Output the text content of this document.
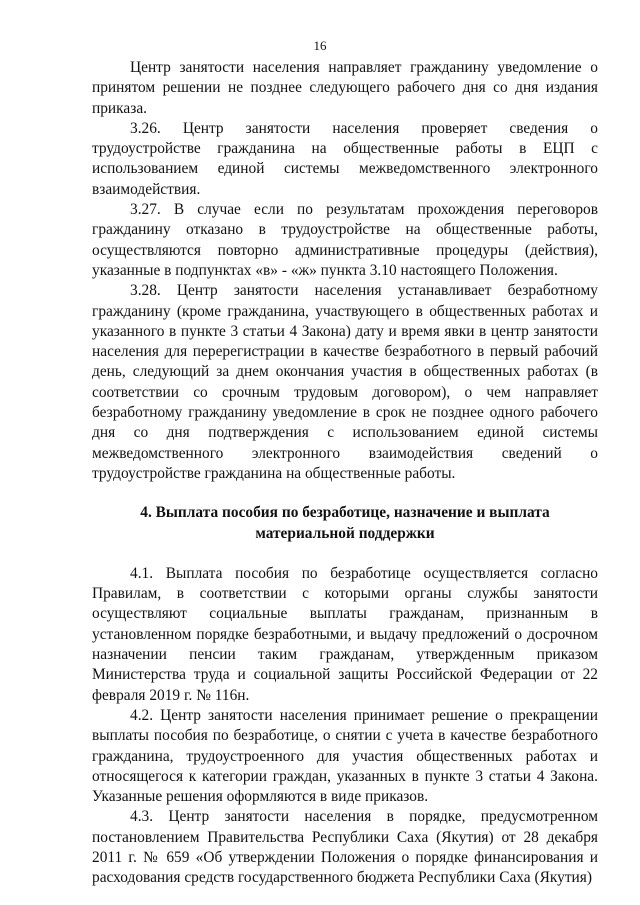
16

Центр занятости населения направляет гражданину уведомление о принятом решении не позднее следующего рабочего дня со дня издания приказа.

3.26. Центр занятости населения проверяет сведения о трудоустройстве гражданина на общественные работы в ЕЦП с использованием единой системы межведомственного электронного взаимодействия.

3.27. В случае если по результатам прохождения переговоров гражданину отказано в трудоустройстве на общественные работы, осуществляются повторно административные процедуры (действия), указанные в подпунктах «в» - «ж» пункта 3.10 настоящего Положения.

3.28. Центр занятости населения устанавливает безработному гражданину (кроме гражданина, участвующего в общественных работах и указанного в пункте 3 статьи 4 Закона) дату и время явки в центр занятости населения для перерегистрации в качестве безработного в первый рабочий день, следующий за днем окончания участия в общественных работах (в соответствии со срочным трудовым договором), о чем направляет безработному гражданину уведомление в срок не позднее одного рабочего дня со дня подтверждения с использованием единой системы межведомственного электронного взаимодействия сведений о трудоустройстве гражданина на общественные работы.

4. Выплата пособия по безработице, назначение и выплата материальной поддержки

4.1. Выплата пособия по безработице осуществляется согласно Правилам, в соответствии с которыми органы службы занятости осуществляют социальные выплаты гражданам, признанным в установленном порядке безработными, и выдачу предложений о досрочном назначении пенсии таким гражданам, утвержденным приказом Министерства труда и социальной защиты Российской Федерации от 22 февраля 2019 г. № 116н.

4.2. Центр занятости населения принимает решение о прекращении выплаты пособия по безработице, о снятии с учета в качестве безработного гражданина, трудоустроенного для участия общественных работах и относящегося к категории граждан, указанных в пункте 3 статьи 4 Закона. Указанные решения оформляются в виде приказов.

4.3. Центр занятости населения в порядке, предусмотренном постановлением Правительства Республики Саха (Якутия) от 28 декабря 2011 г. № 659 «Об утверждении Положения о порядке финансирования и расходования средств государственного бюджета Республики Саха (Якутия)
